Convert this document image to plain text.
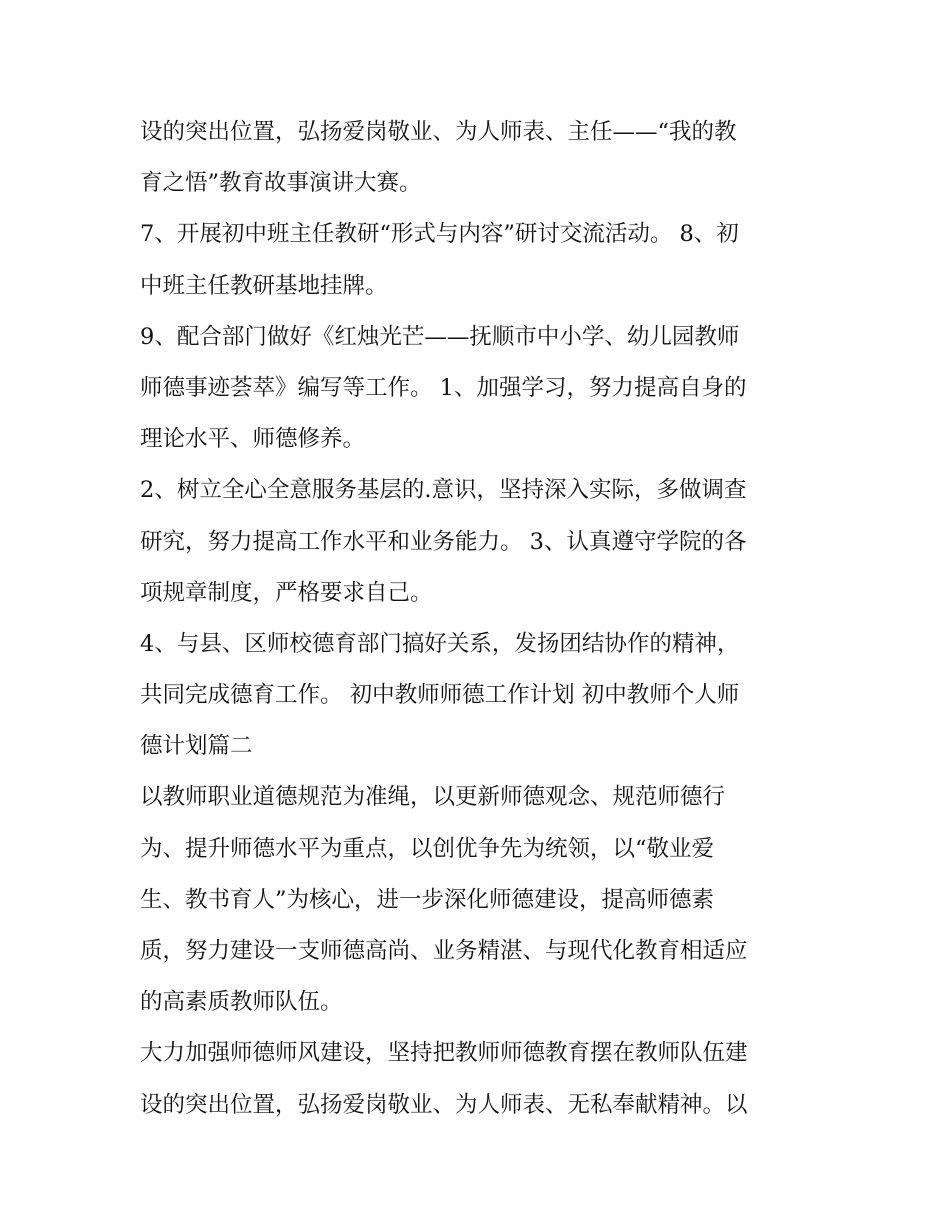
设的突出位置，弘扬爱岗敬业、为人师表、主任——“我的教
育之悟”教育故事演讲大赛。
7、开展初中班主任教研“形式与内容”研讨交流活动。 8、初
中班主任教研基地挂牌。
9、配合部门做好《红烛光芒——抚顺市中小学、幼儿园教师
师德事迹荟萃》编写等工作。 1、加强学习，努力提高自身的
理论水平、师德修养。
2、树立全心全意服务基层的.意识，坚持深入实际，多做调查
研究，努力提高工作水平和业务能力。 3、认真遵守学院的各
项规章制度，严格要求自己。
4、与县、区师校德育部门搞好关系，发扬团结协作的精神，
共同完成德育工作。 初中教师师德工作计划 初中教师个人师
德计划篇二
以教师职业道德规范为准绳，以更新师德观念、规范师德行
为、提升师德水平为重点，以创优争先为统领，以“敬业爱
生、教书育人”为核心，进一步深化师德建设，提高师德素
质，努力建设一支师德高尚、业务精湛、与现代化教育相适应
的高素质教师队伍。
大力加强师德师风建设，坚持把教师师德教育摆在教师队伍建
设的突出位置，弘扬爱岗敬业、为人师表、无私奉献精神。以
